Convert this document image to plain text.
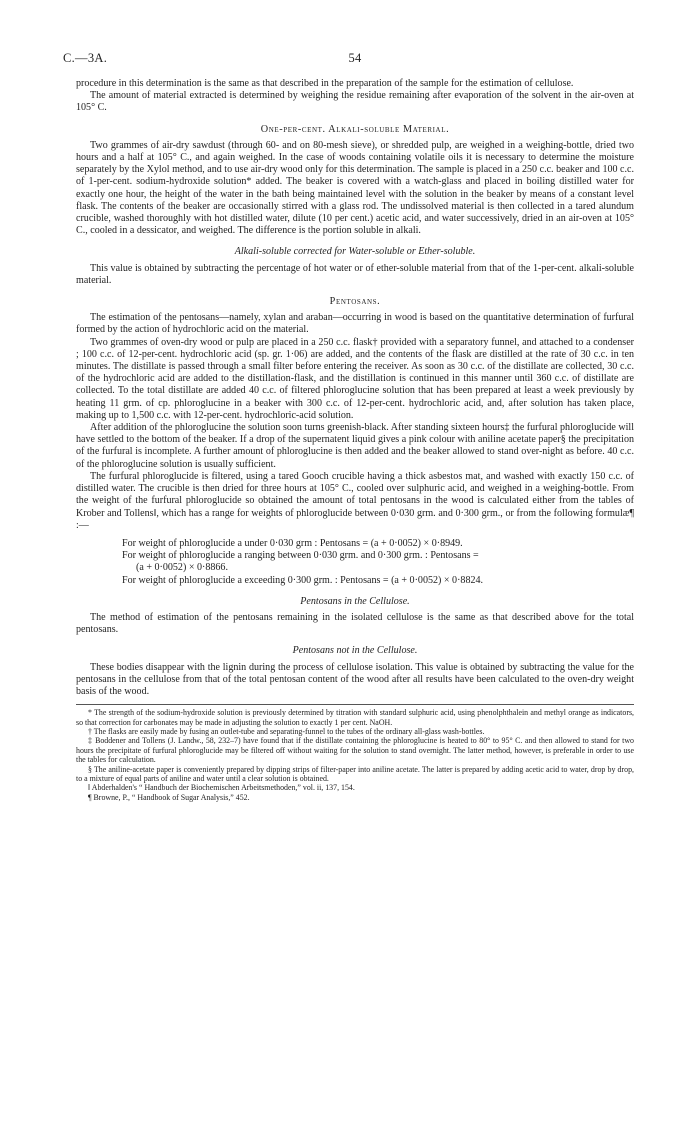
C.—3A.	54

procedure in this determination is the same as that described in the preparation of the sample for the estimation of cellulose.

The amount of material extracted is determined by weighing the residue remaining after evaporation of the solvent in the air-oven at 105° C.

One-per-cent. Alkali-soluble Material.

Two grammes of air-dry sawdust (through 60- and on 80-mesh sieve), or shredded pulp, are weighed in a weighing-bottle, dried two hours and a half at 105° C., and again weighed. In the case of woods containing volatile oils it is necessary to determine the moisture separately by the Xylol method, and to use air-dry wood only for this determination. The sample is placed in a 250 c.c. beaker and 100 c.c. of 1-per-cent. sodium-hydroxide solution* added. The beaker is covered with a watch-glass and placed in boiling distilled water for exactly one hour, the height of the water in the bath being maintained level with the solution in the beaker by means of a constant level flask. The contents of the beaker are occasionally stirred with a glass rod. The undissolved material is then collected in a tared alundum crucible, washed thoroughly with hot distilled water, dilute (10 per cent.) acetic acid, and water successively, dried in an air-oven at 105° C., cooled in a dessicator, and weighed. The difference is the portion soluble in alkali.

Alkali-soluble corrected for Water-soluble or Ether-soluble.

This value is obtained by subtracting the percentage of hot water or of ether-soluble material from that of the 1-per-cent. alkali-soluble material.

Pentosans.

The estimation of the pentosans—namely, xylan and araban—occurring in wood is based on the quantitative determination of furfural formed by the action of hydrochloric acid on the material.

Two grammes of oven-dry wood or pulp are placed in a 250 c.c. flask† provided with a separatory funnel, and attached to a condenser ; 100 c.c. of 12-per-cent. hydrochloric acid (sp. gr. 1·06) are added, and the contents of the flask are distilled at the rate of 30 c.c. in ten minutes. The distillate is passed through a small filter before entering the receiver. As soon as 30 c.c. of the distillate are collected, 30 c.c. of the hydrochloric acid are added to the distillation-flask, and the distillation is continued in this manner until 360 c.c. of distillate are collected. To the total distillate are added 40 c.c. of filtered phloroglucine solution that has been prepared at least a week previously by heating 11 grm. of cp. phloroglucine in a beaker with 300 c.c. of 12-per-cent. hydrochloric acid, and, after solution has taken place, making up to 1,500 c.c. with 12-per-cent. hydrochloric-acid solution.

After addition of the phloroglucine the solution soon turns greenish-black. After standing sixteen hours‡ the furfural phloroglucide will have settled to the bottom of the beaker. If a drop of the supernatent liquid gives a pink colour with aniline acetate paper§ the precipitation of the furfural is incomplete. A further amount of phloroglucine is then added and the beaker allowed to stand over-night as before. 40 c.c. of the phloroglucine solution is usually sufficient.

The furfural phloroglucide is filtered, using a tared Gooch crucible having a thick asbestos mat, and washed with exactly 150 c.c. of distilled water. The crucible is then dried for three hours at 105° C., cooled over sulphuric acid, and weighed in a weighing-bottle. From the weight of the furfural phloroglucide so obtained the amount of total pentosans in the wood is calculated either from the tables of Krober and Tollens‖, which has a range for weights of phloroglucide between 0·030 grm. and 0·300 grm., or from the following formulæ¶ :—

For weight of phloroglucide a under 0·030 grm : Pentosans = (a + 0·0052) × 0·8949.
For weight of phloroglucide a ranging between 0·030 grm. and 0·300 grm. : Pentosans =
(a + 0·0052) × 0·8866.
For weight of phloroglucide a exceeding 0·300 grm. : Pentosans = (a + 0·0052) × 0·8824.
Pentosans in the Cellulose.

The method of estimation of the pentosans remaining in the isolated cellulose is the same as that described above for the total pentosans.

Pentosans not in the Cellulose.

These bodies disappear with the lignin during the process of cellulose isolation. This value is obtained by subtracting the value for the pentosans in the cellulose from that of the total pentosan content of the wood after all results have been calculated to the oven-dry weight basis of the wood.

* The strength of the sodium-hydroxide solution is previously determined by titration with standard sulphuric acid, using phenolphthalein and methyl orange as indicators, so that correction for carbonates may be made in adjusting the solution to exactly 1 per cent. NaOH.

† The flasks are easily made by fusing an outlet-tube and separating-funnel to the tubes of the ordinary all-glass wash-bottles.

‡ Boddener and Tollens (J. Landw., 58, 232–7) have found that if the distillate containing the phloroglucine is heated to 80° to 95° C. and then allowed to stand for two hours the precipitate of furfural phloroglucide may be filtered off without waiting for the solution to stand overnight. The latter method, however, is preferable in order to use the tables for calculation.

§ The aniline-acetate paper is conveniently prepared by dipping strips of filter-paper into aniline acetate. The latter is prepared by adding acetic acid to water, drop by drop, to a mixture of equal parts of aniline and water until a clear solution is obtained.

‖ Abderhalden's “ Handbuch der Biochemischen Arbeitsmethoden,” vol. ii, 137, 154.

¶ Browne, P., “ Handbook of Sugar Analysis,” 452.
